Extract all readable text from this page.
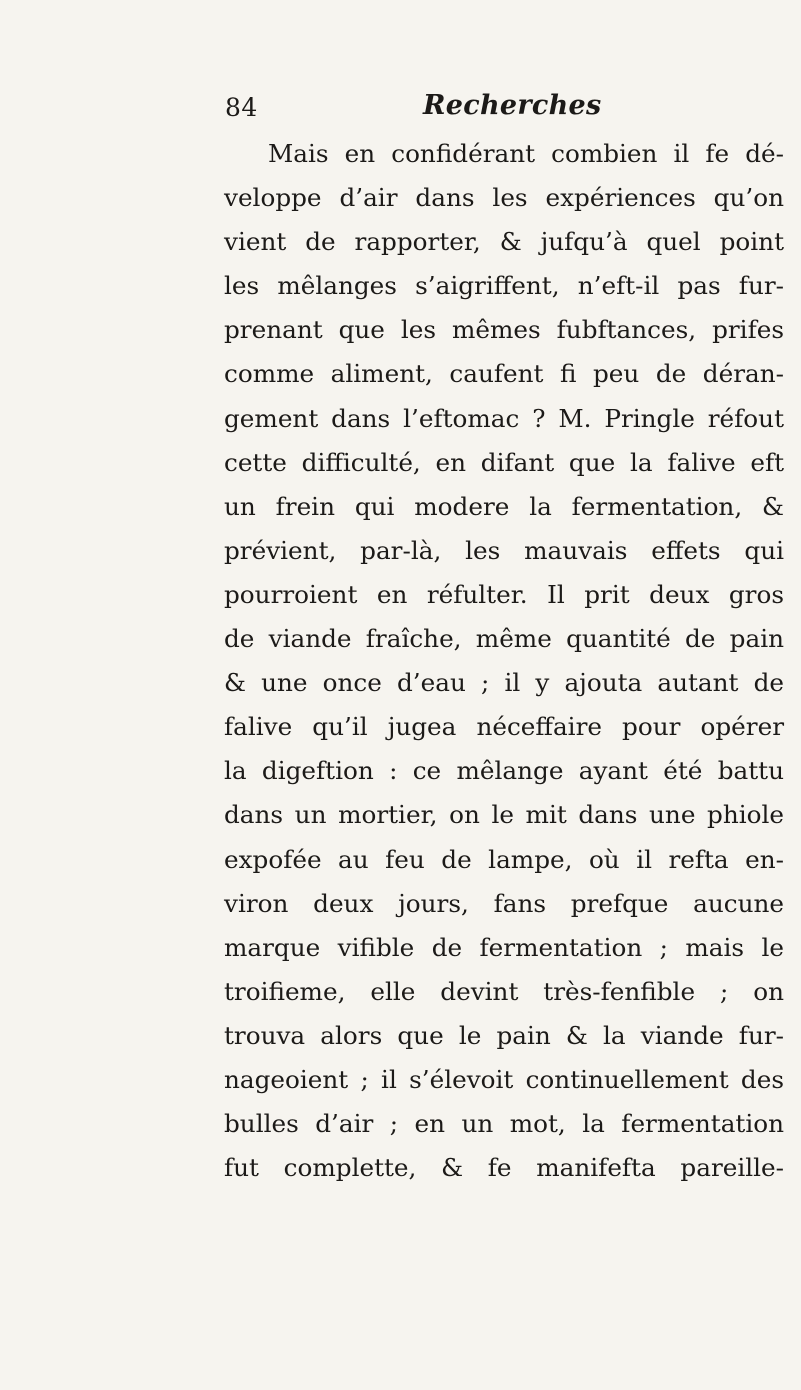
84	Recherches
Mais en confidérant combien il fe dé-
veloppe d’air dans les expériences qu’on
vient de rapporter, & jufqu’à quel point
les mêlanges s’aigriffent, n’eft-il pas fur-
prenant que les mêmes fubftances, prifes
comme aliment, caufent fi peu de déran-
gement dans l’eftomac ? M. Pringle réfout
cette difficulté, en difant que la falive eft
un frein qui modere la fermentation, &
prévient, par-là, les mauvais effets qui
pourroient en réfulter. Il prit deux gros
de viande fraîche, même quantité de pain
& une once d’eau ; il y ajouta autant de
falive qu’il jugea néceffaire pour opérer
la digeftion : ce mêlange ayant été battu
dans un mortier, on le mit dans une phiole
expofée au feu de lampe, où il refta en-
viron deux jours, fans prefque aucune
marque vifible de fermentation ; mais le
troifieme, elle devint très-fenfible ; on
trouva alors que le pain & la viande fur-
nageoient ; il s’élevoit continuellement des
bulles d’air ; en un mot, la fermentation
fut complette, & fe manifefta pareille-
